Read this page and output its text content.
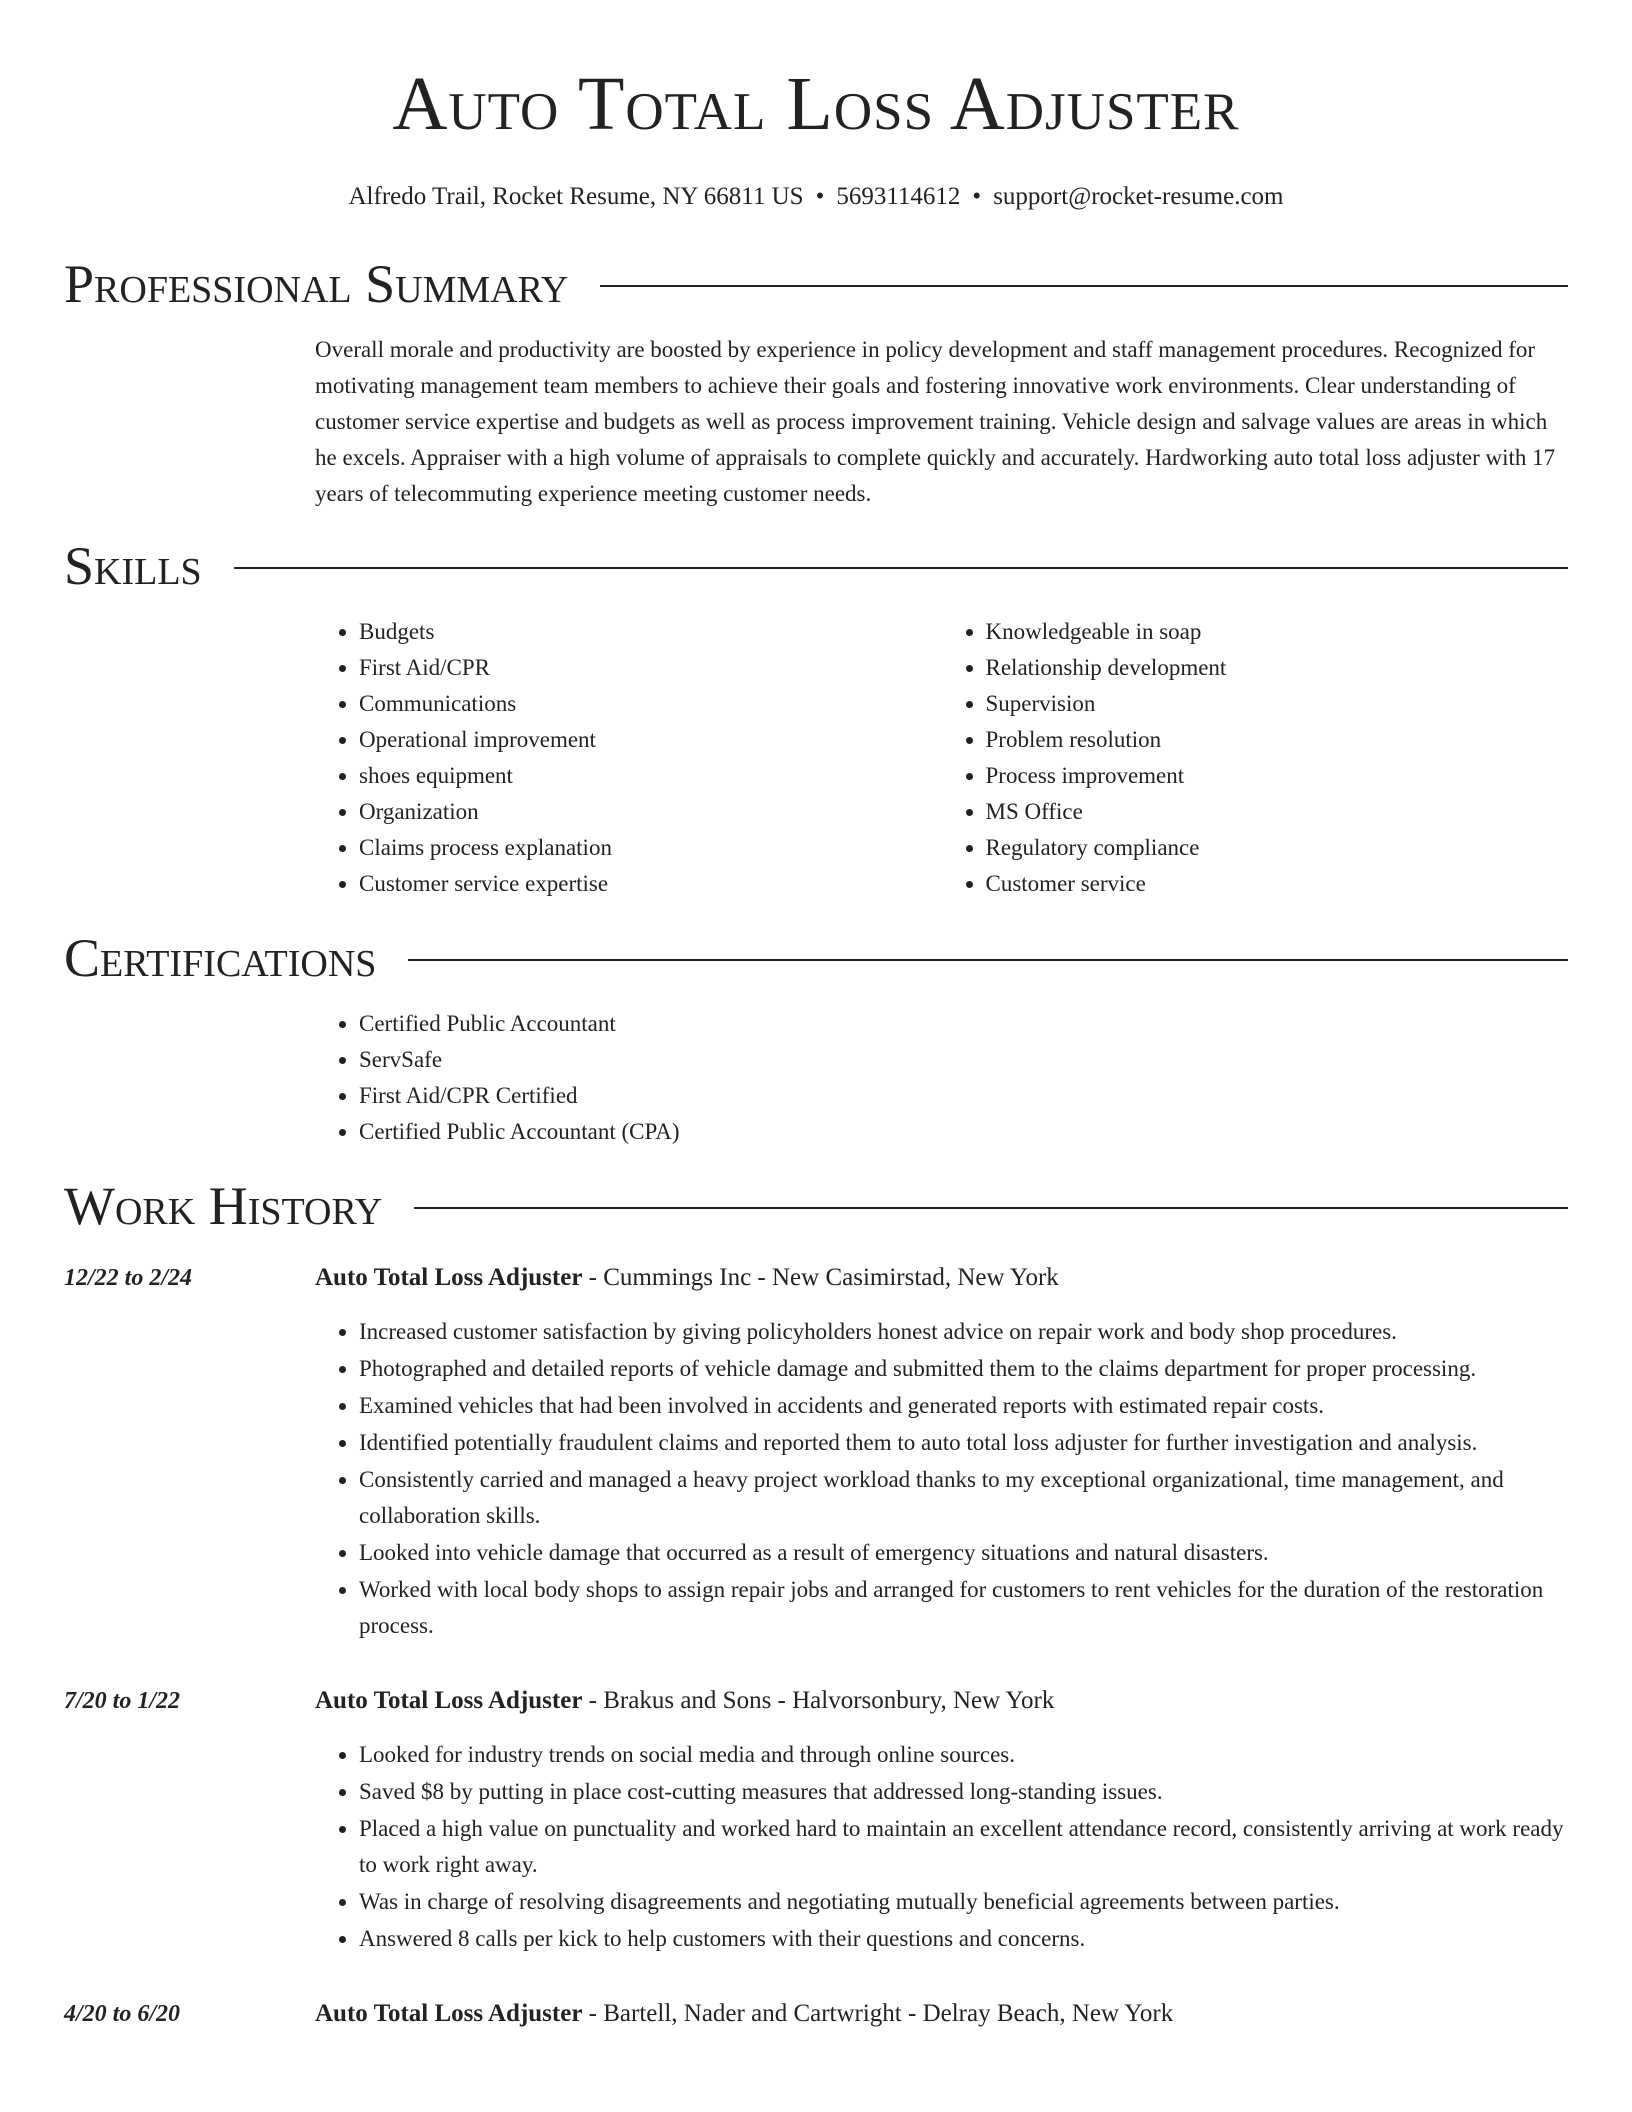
Auto Total Loss Adjuster
Alfredo Trail, Rocket Resume, NY 66811 US • 5693114612 • support@rocket-resume.com
Professional Summary
Overall morale and productivity are boosted by experience in policy development and staff management procedures. Recognized for motivating management team members to achieve their goals and fostering innovative work environments. Clear understanding of customer service expertise and budgets as well as process improvement training. Vehicle design and salvage values are areas in which he excels. Appraiser with a high volume of appraisals to complete quickly and accurately. Hardworking auto total loss adjuster with 17 years of telecommuting experience meeting customer needs.
Skills
• Budgets
• First Aid/CPR
• Communications
• Operational improvement
• shoes equipment
• Organization
• Claims process explanation
• Customer service expertise
• Knowledgeable in soap
• Relationship development
• Supervision
• Problem resolution
• Process improvement
• MS Office
• Regulatory compliance
• Customer service
Certifications
• Certified Public Accountant
• ServSafe
• First Aid/CPR Certified
• Certified Public Accountant (CPA)
Work History
12/22 to 2/24	Auto Total Loss Adjuster - Cummings Inc - New Casimirstad, New York
• Increased customer satisfaction by giving policyholders honest advice on repair work and body shop procedures.
• Photographed and detailed reports of vehicle damage and submitted them to the claims department for proper processing.
• Examined vehicles that had been involved in accidents and generated reports with estimated repair costs.
• Identified potentially fraudulent claims and reported them to auto total loss adjuster for further investigation and analysis.
• Consistently carried and managed a heavy project workload thanks to my exceptional organizational, time management, and collaboration skills.
• Looked into vehicle damage that occurred as a result of emergency situations and natural disasters.
• Worked with local body shops to assign repair jobs and arranged for customers to rent vehicles for the duration of the restoration process.
7/20 to 1/22	Auto Total Loss Adjuster - Brakus and Sons - Halvorsonbury, New York
• Looked for industry trends on social media and through online sources.
• Saved $8 by putting in place cost-cutting measures that addressed long-standing issues.
• Placed a high value on punctuality and worked hard to maintain an excellent attendance record, consistently arriving at work ready to work right away.
• Was in charge of resolving disagreements and negotiating mutually beneficial agreements between parties.
• Answered 8 calls per kick to help customers with their questions and concerns.
4/20 to 6/20	Auto Total Loss Adjuster - Bartell, Nader and Cartwright - Delray Beach, New York
